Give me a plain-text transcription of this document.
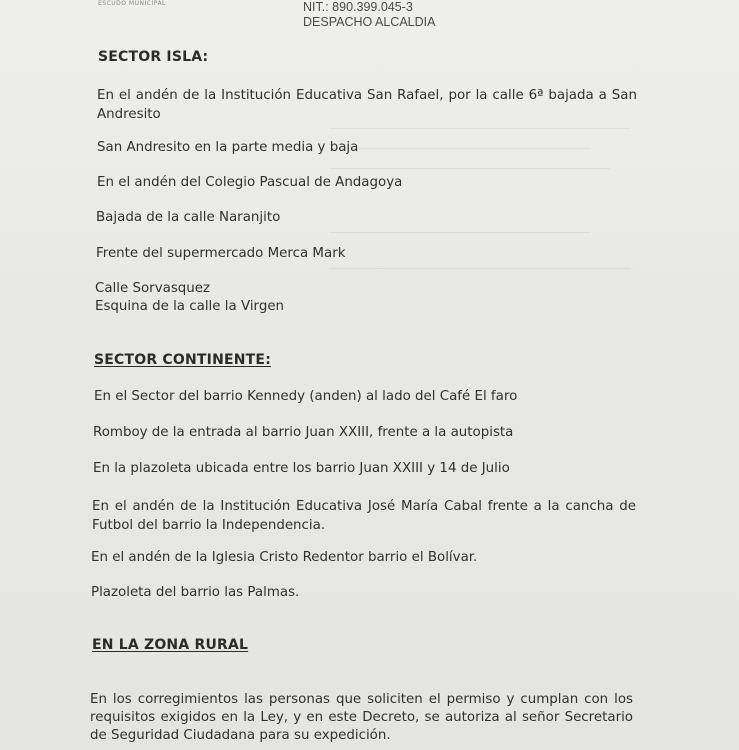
ESCUDO MUNICIPAL	NIT.: 890.399.045-3
DESPACHO ALCALDIA
SECTOR ISLA:
En el andén de la Institución Educativa San Rafael, por la calle 6ª bajada a San Andresito
San Andresito en la parte media y baja
En el andén del Colegio Pascual de Andagoya
Bajada de la calle Naranjito
Frente del supermercado Merca Mark
Calle Sorvasquez
Esquina de la calle la Virgen
SECTOR CONTINENTE:
En el Sector del barrio Kennedy (anden) al lado del Café El faro
Romboy de la entrada al barrio Juan XXIII, frente a la autopista
En la plazoleta ubicada entre los barrio Juan XXIII y 14 de Julio
En el andén de la Institución Educativa José María Cabal frente a la cancha de Futbol del barrio la Independencia.
En el andén de la Iglesia Cristo Redentor barrio el Bolívar.
Plazoleta del barrio las Palmas.
EN LA ZONA RURAL
En los corregimientos las personas que soliciten el permiso y cumplan con los requisitos exigidos en la Ley, y en este Decreto, se autoriza al señor Secretario de Seguridad Ciudadana para su expedición.
